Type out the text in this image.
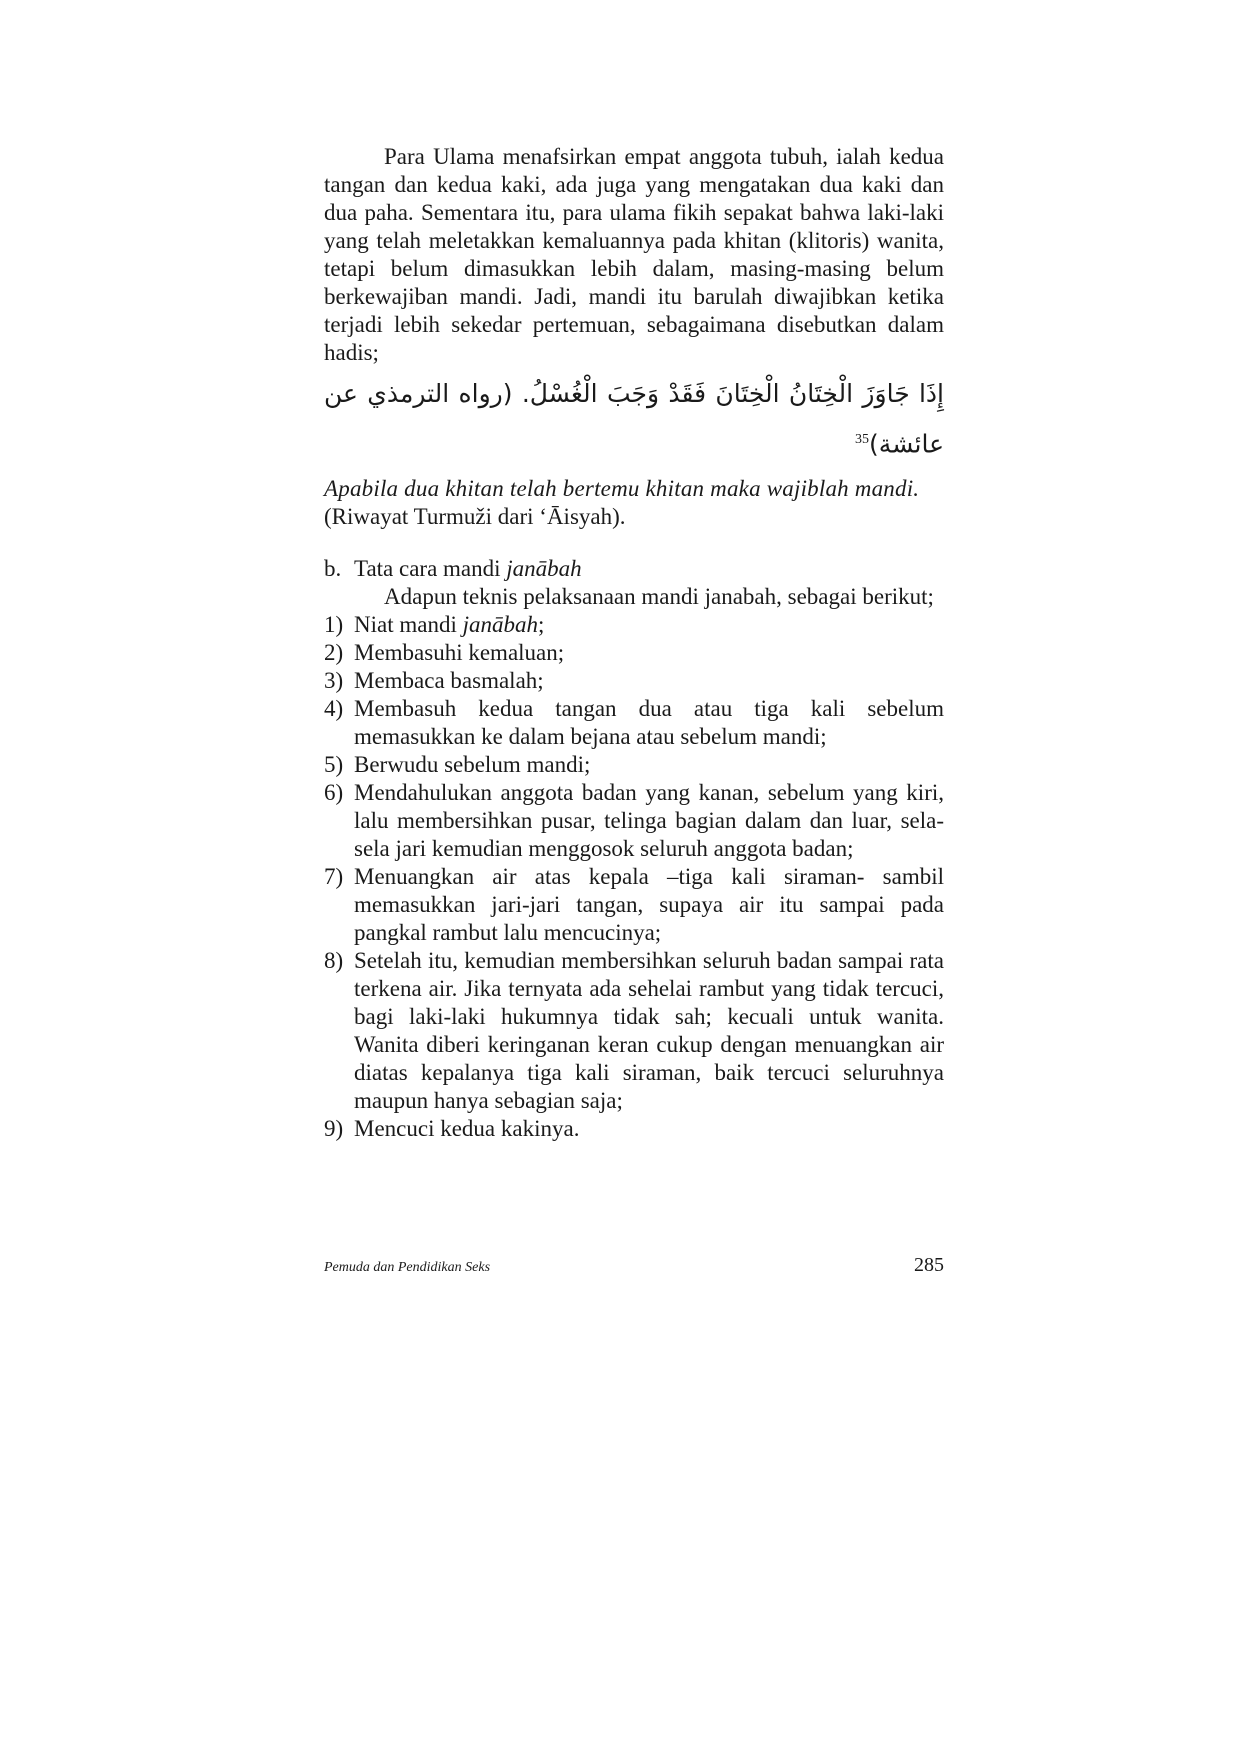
Para Ulama menafsirkan empat anggota tubuh, ialah kedua tangan dan kedua kaki, ada juga yang mengatakan dua kaki dan dua paha. Sementara itu, para ulama fikih sepakat bahwa laki-laki yang telah meletakkan kemaluannya pada khitan (klitoris) wanita, tetapi belum dimasukkan lebih dalam, masing-masing belum berkewajiban mandi. Jadi, mandi itu barulah diwajibkan ketika terjadi lebih sekedar pertemuan, sebagaimana disebutkan dalam hadis;

إِذَا جَاوَزَ الْخِتَانُ الْخِتَانَ فَقَدْ وَجَبَ الْغُسْلُ. (رواه الترمذي عن عائشة)$^{35}$

Apabila dua khitan telah bertemu khitan maka wajiblah mandi. (Riwayat Turmuži dari ‘Āisyah).

b. Tata cara mandi janābah

Adapun teknis pelaksanaan mandi janabah, sebagai berikut;

1) Niat mandi janābah;
2) Membasuhi kemaluan;
3) Membaca basmalah;
4) Membasuh kedua tangan dua atau tiga kali sebelum memasukkan ke dalam bejana atau sebelum mandi;
5) Berwudu sebelum mandi;
6) Mendahulukan anggota badan yang kanan, sebelum yang kiri, lalu membersihkan pusar, telinga bagian dalam dan luar, sela-sela jari kemudian menggosok seluruh anggota badan;
7) Menuangkan air atas kepala –tiga kali siraman- sambil memasukkan jari-jari tangan, supaya air itu sampai pada pangkal rambut lalu mencucinya;
8) Setelah itu, kemudian membersihkan seluruh badan sampai rata terkena air. Jika ternyata ada sehelai rambut yang tidak tercuci, bagi laki-laki hukumnya tidak sah; kecuali untuk wanita. Wanita diberi keringanan keran cukup dengan menuangkan air diatas kepalanya tiga kali siraman, baik tercuci seluruhnya maupun hanya sebagian saja;
9) Mencuci kedua kakinya.
Pemuda dan Pendidikan Seks	285
